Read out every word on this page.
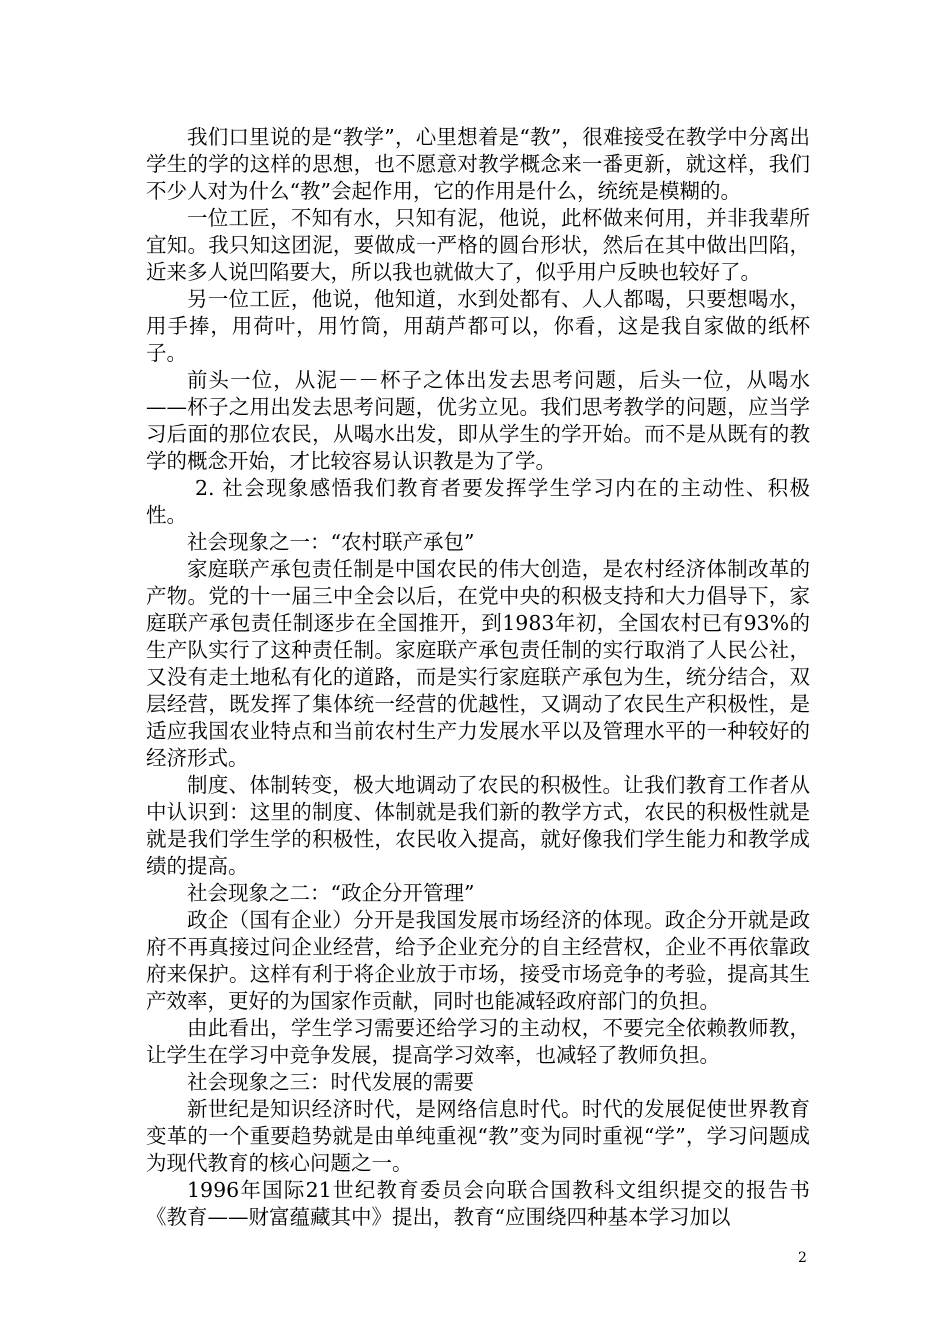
我们口里说的是“教学”，心里想着是“教”，很难接受在教学中分离出学生的学的这样的思想，也不愿意对教学概念来一番更新，就这样，我们不少人对为什么“教”会起作用，它的作用是什么，统统是模糊的。

一位工匠，不知有水，只知有泥，他说，此杯做来何用，并非我辈所宜知。我只知这团泥，要做成一严格的圆台形状，然后在其中做出凹陷，近来多人说凹陷要大，所以我也就做大了，似乎用户反映也较好了。

另一位工匠，他说，他知道，水到处都有、人人都喝，只要想喝水，用手捧，用荷叶，用竹筒，用葫芦都可以，你看，这是我自家做的纸杯子。

前头一位，从泥－－杯子之体出发去思考问题，后头一位，从喝水——杯子之用出发去思考问题，优劣立见。我们思考教学的问题，应当学习后面的那位农民，从喝水出发，即从学生的学开始。而不是从既有的教学的概念开始，才比较容易认识教是为了学。

2. 社会现象感悟我们教育者要发挥学生学习内在的主动性、积极性。

社会现象之一：“农村联产承包”

家庭联产承包责任制是中国农民的伟大创造，是农村经济体制改革的产物。党的十一届三中全会以后，在党中央的积极支持和大力倡导下，家庭联产承包责任制逐步在全国推开，到1983年初，全国农村已有93%的生产队实行了这种责任制。家庭联产承包责任制的实行取消了人民公社，又没有走土地私有化的道路，而是实行家庭联产承包为生，统分结合，双层经营，既发挥了集体统一经营的优越性，又调动了农民生产积极性，是适应我国农业特点和当前农村生产力发展水平以及管理水平的一种较好的经济形式。

制度、体制转变，极大地调动了农民的积极性。让我们教育工作者从中认识到：这里的制度、体制就是我们新的教学方式，农民的积极性就是就是我们学生学的积极性，农民收入提高，就好像我们学生能力和教学成绩的提高。

社会现象之二：“政企分开管理”

政企（国有企业）分开是我国发展市场经济的体现。政企分开就是政府不再真接过问企业经营，给予企业充分的自主经营权，企业不再依靠政府来保护。这样有利于将企业放于市场，接受市场竞争的考验，提高其生产效率，更好的为国家作贡献，同时也能减轻政府部门的负担。

由此看出，学生学习需要还给学习的主动权，不要完全依赖教师教，让学生在学习中竞争发展，提高学习效率，也减轻了教师负担。

社会现象之三：时代发展的需要

新世纪是知识经济时代，是网络信息时代。时代的发展促使世界教育变革的一个重要趋势就是由单纯重视“教”变为同时重视“学”，学习问题成为现代教育的核心问题之一。

1996年国际21世纪教育委员会向联合国教科文组织提交的报告书《教育——财富蕴藏其中》提出，教育“应围绕四种基本学习加以

2
